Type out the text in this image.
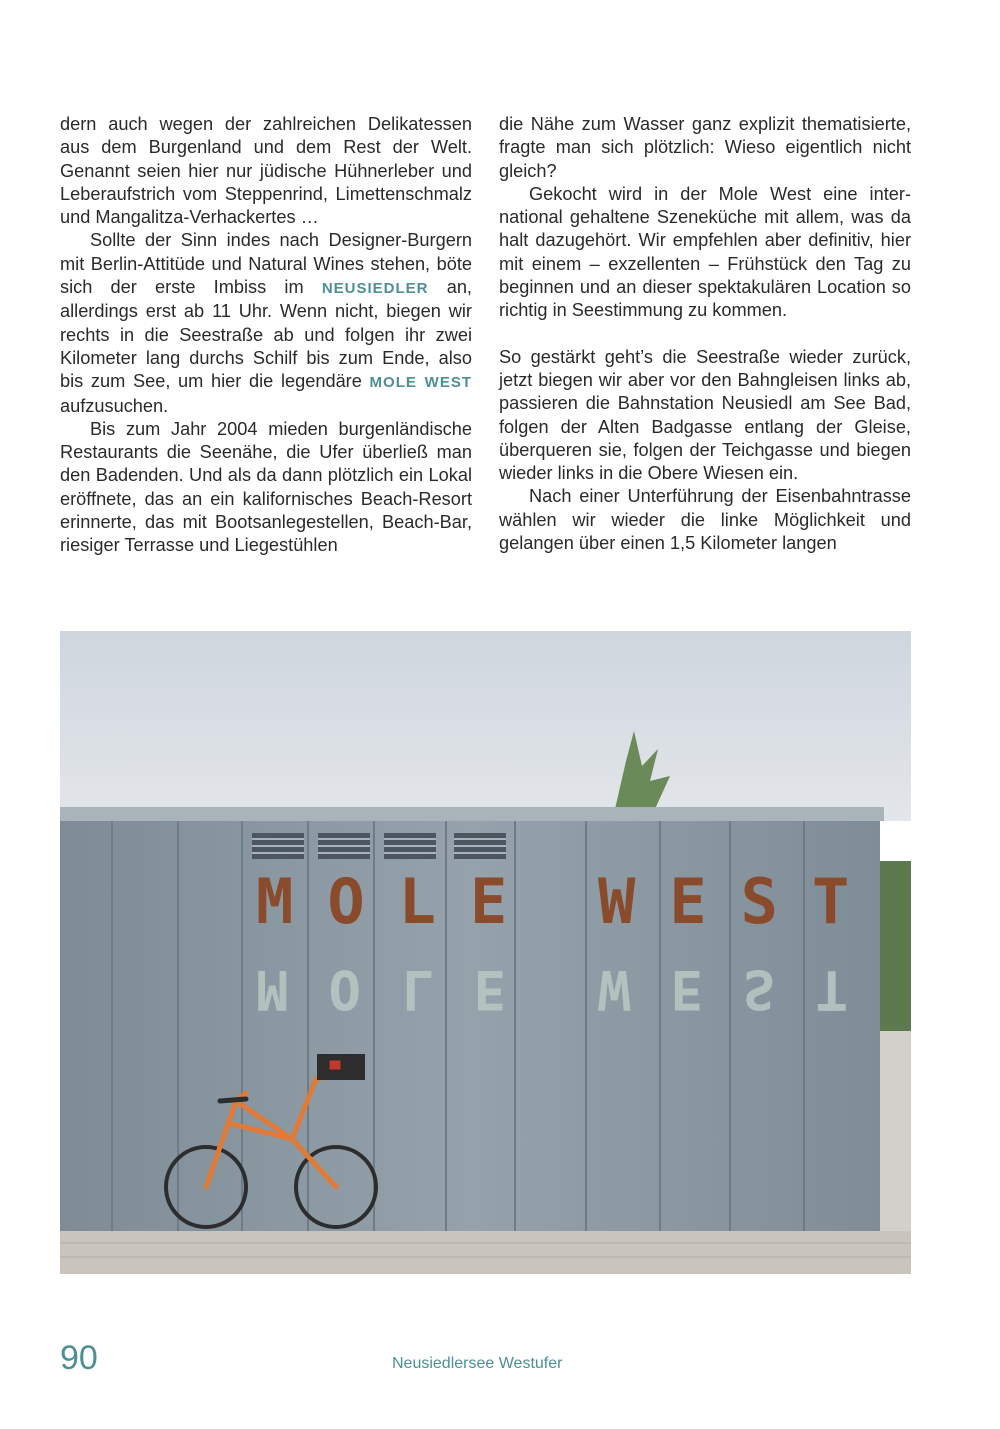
dern auch wegen der zahlreichen Delikatessen aus dem Burgenland und dem Rest der Welt. Genannt seien hier nur jüdische Hühnerleber und Leberaufstrich vom Steppenrind, Limettenschmalz und Mangalitza-Verhackertes …

Sollte der Sinn indes nach Designer-Burgern mit Berlin-Attitüde und Natural Wines stehen, böte sich der erste Imbiss im NEUSIEDLER an, allerdings erst ab 11 Uhr. Wenn nicht, biegen wir rechts in die Seestraße ab und folgen ihr zwei Kilometer lang durchs Schilf bis zum Ende, also bis zum See, um hier die legendäre MOLE WEST aufzusuchen.

Bis zum Jahr 2004 mieden burgenländische Restaurants die Seenähe, die Ufer überließ man den Badenden. Und als da dann plötzlich ein Lokal eröffnete, das an ein kalifornisches Beach-Resort erinnerte, das mit Bootsanlegestellen, Beach-Bar, riesiger Terrasse und Liegestühlen

die Nähe zum Wasser ganz explizit thematisierte, fragte man sich plötzlich: Wieso eigentlich nicht gleich?

Gekocht wird in der Mole West eine international gehaltene Szeneküche mit allem, was da halt dazugehört. Wir empfehlen aber definitiv, hier mit einem – exzellenten – Frühstück den Tag zu beginnen und an dieser spektakulären Location so richtig in Seestimmung zu kommen.

So gestärkt geht’s die Seestraße wieder zurück, jetzt biegen wir aber vor den Bahngleisen links ab, passieren die Bahnstation Neusiedl am See Bad, folgen der Alten Badgasse entlang der Gleise, überqueren sie, folgen der Teichgasse und biegen wieder links in die Obere Wiesen ein.

Nach einer Unterführung der Eisenbahntrasse wählen wir wieder die linke Möglichkeit und gelangen über einen 1,5 Kilometer langen

MOLE WEST
MOLE WEST
90	Neusiedlersee Westufer
